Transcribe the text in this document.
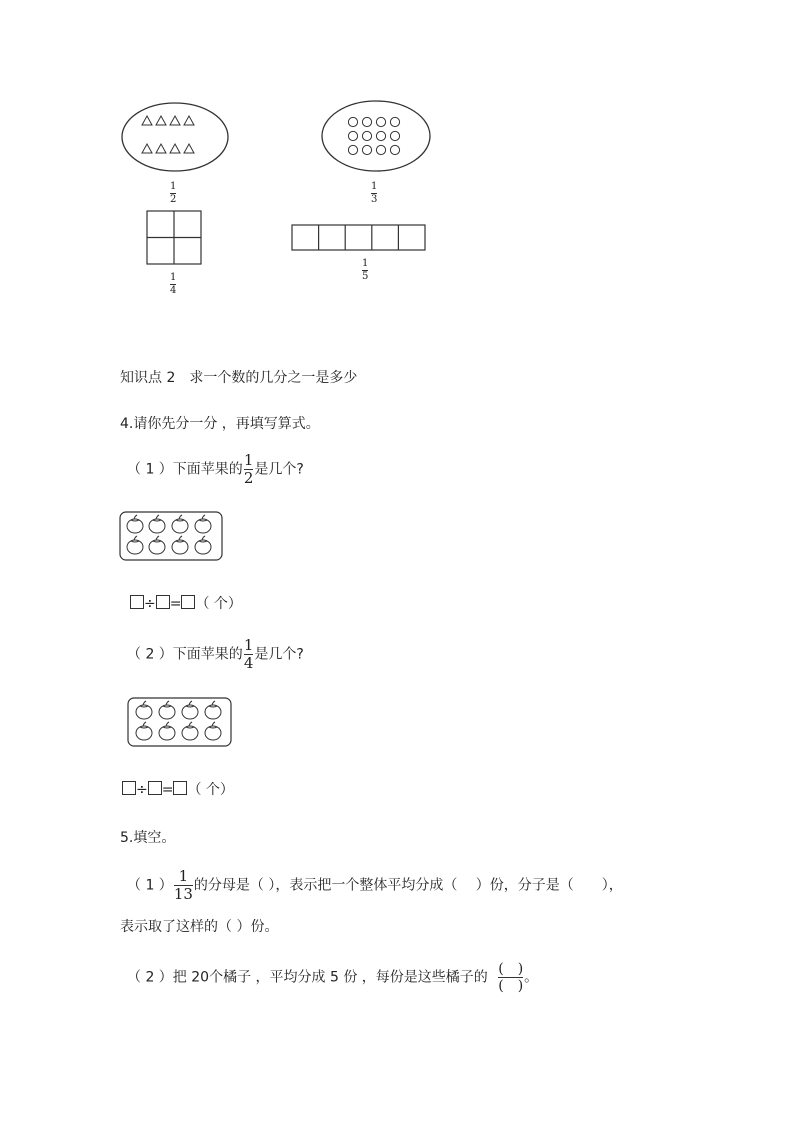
1
2
1
3
1
4
1
5
知识点 2　求一个数的几分之一是多少
4.请你先分一分 ，再填写算式。
（ 1 ）下面苹果的 $\frac{1}{2}$ 是几个?
÷ = （ 个）
（ 2 ）下面苹果的 $\frac{1}{4}$ 是几个?
÷ = （ 个）
5.填空。
（ 1 ） $\frac{1}{13}$ 的分母是（ ），表示把一个整体平均分成（　 ）份，分子是（　　），
表示取了这样的（ ）份。
（ 2 ）把 20个橘子 ，平均分成 5 份 ，每份是这些橘子的 $\frac{( )}{( )}$ 。
